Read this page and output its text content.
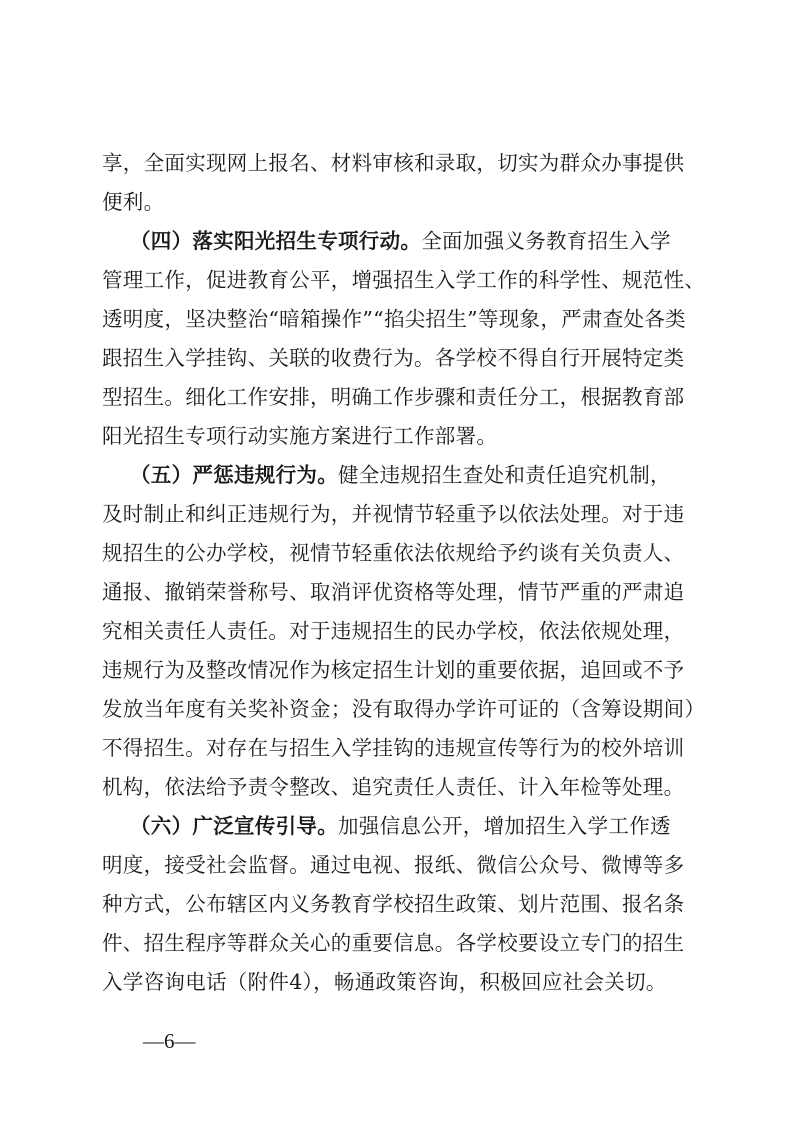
享，全面实现网上报名、材料审核和录取，切实为群众办事提供
便利。
（四）落实阳光招生专项行动。全面加强义务教育招生入学
管理工作，促进教育公平，增强招生入学工作的科学性、规范性、
透明度，坚决整治“暗箱操作”“掐尖招生”等现象，严肃查处各类
跟招生入学挂钩、关联的收费行为。各学校不得自行开展特定类
型招生。细化工作安排，明确工作步骤和责任分工，根据教育部
阳光招生专项行动实施方案进行工作部署。
（五）严惩违规行为。健全违规招生查处和责任追究机制，
及时制止和纠正违规行为，并视情节轻重予以依法处理。对于违
规招生的公办学校，视情节轻重依法依规给予约谈有关负责人、
通报、撤销荣誉称号、取消评优资格等处理，情节严重的严肃追
究相关责任人责任。对于违规招生的民办学校，依法依规处理，
违规行为及整改情况作为核定招生计划的重要依据，追回或不予
发放当年度有关奖补资金；没有取得办学许可证的（含筹设期间）
不得招生。对存在与招生入学挂钩的违规宣传等行为的校外培训
机构，依法给予责令整改、追究责任人责任、计入年检等处理。
（六）广泛宣传引导。加强信息公开，增加招生入学工作透
明度，接受社会监督。通过电视、报纸、微信公众号、微博等多
种方式，公布辖区内义务教育学校招生政策、划片范围、报名条
件、招生程序等群众关心的重要信息。各学校要设立专门的招生
入学咨询电话（附件4），畅通政策咨询，积极回应社会关切。
—6—
